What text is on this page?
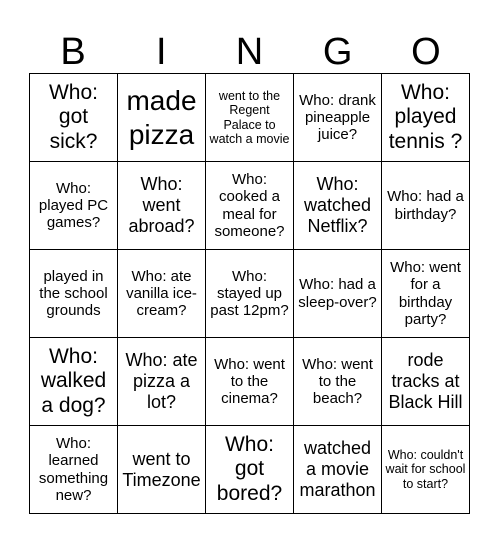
B	I	N	G	O
Who: got sick?
made pizza
went to the Regent Palace to watch a movie
Who: drank pineapple juice?
Who: played tennis ?
Who: played PC games?
Who: went abroad?
Who: cooked a meal for someone?
Who: watched Netflix?
Who: had a birthday?
played in the school grounds
Who: ate vanilla ice-cream?
Who: stayed up past 12pm?
Who: had a sleep-over?
Who: went for a birthday party?
Who: walked a dog?
Who: ate pizza a lot?
Who: went to the cinema?
Who: went to the beach?
rode tracks at Black Hill
Who: learned something new?
went to Timezone
Who: got bored?
watched a movie marathon
Who: couldn't wait for school to start?
